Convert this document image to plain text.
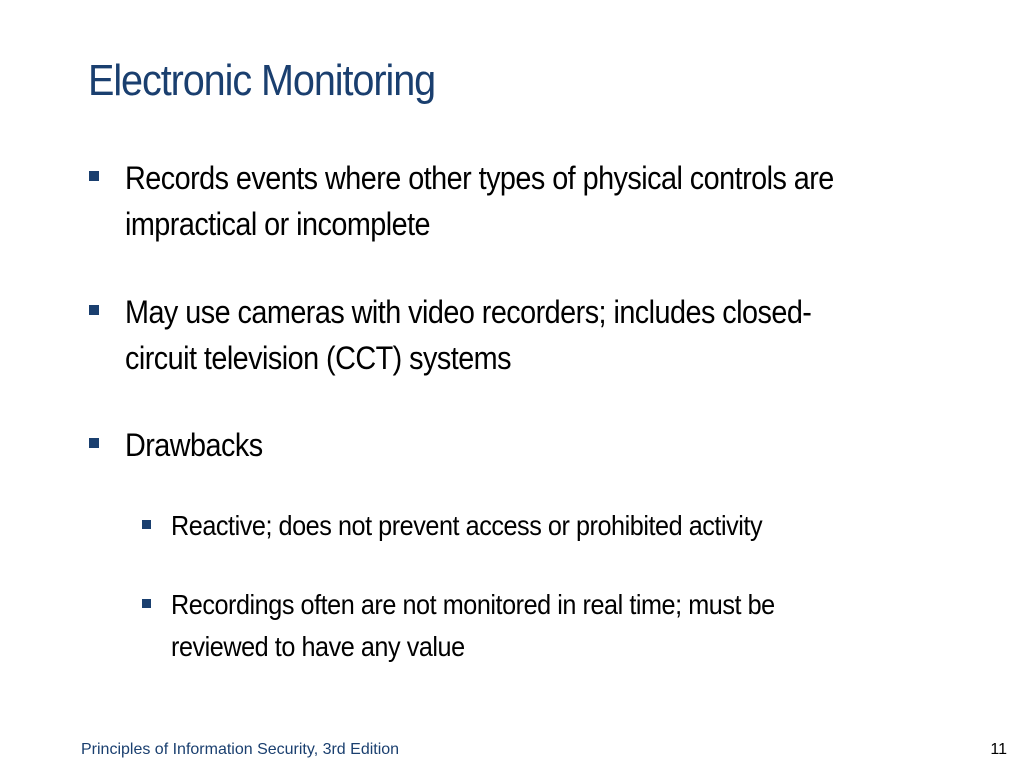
Electronic Monitoring
Records events where other types of physical controls are
impractical or incomplete
May use cameras with video recorders; includes closed-
circuit television (CCT) systems
Drawbacks
Reactive; does not prevent access or prohibited activity
Recordings often are not monitored in real time; must be
reviewed to have any value
Principles of Information Security, 3rd Edition	11
